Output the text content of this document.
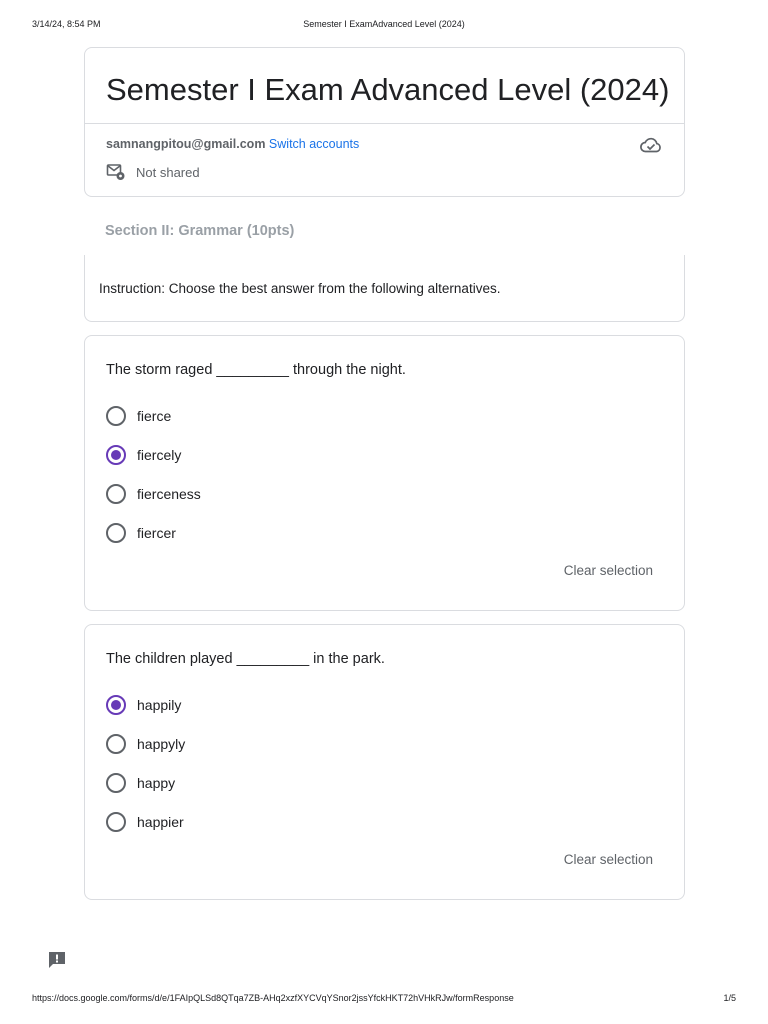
3/14/24, 8:54 PM	Semester I ExamAdvanced Level (2024)
Semester I Exam Advanced Level (2024)
samnangpitou@gmail.com Switch accounts
Not shared
Section II: Grammar (10pts)
Instruction: Choose the best answer from the following alternatives.
The storm raged _________ through the night.
fierce
fiercely
fierceness
fiercer
Clear selection
The children played _________ in the park.
happily
happyly
happy
happier
Clear selection
https://docs.google.com/forms/d/e/1FAIpQLSd8QTqa7ZB-AHq2xzfXYCVqYSnor2jssYfckHKT72hVHkRJw/formResponse	1/5
